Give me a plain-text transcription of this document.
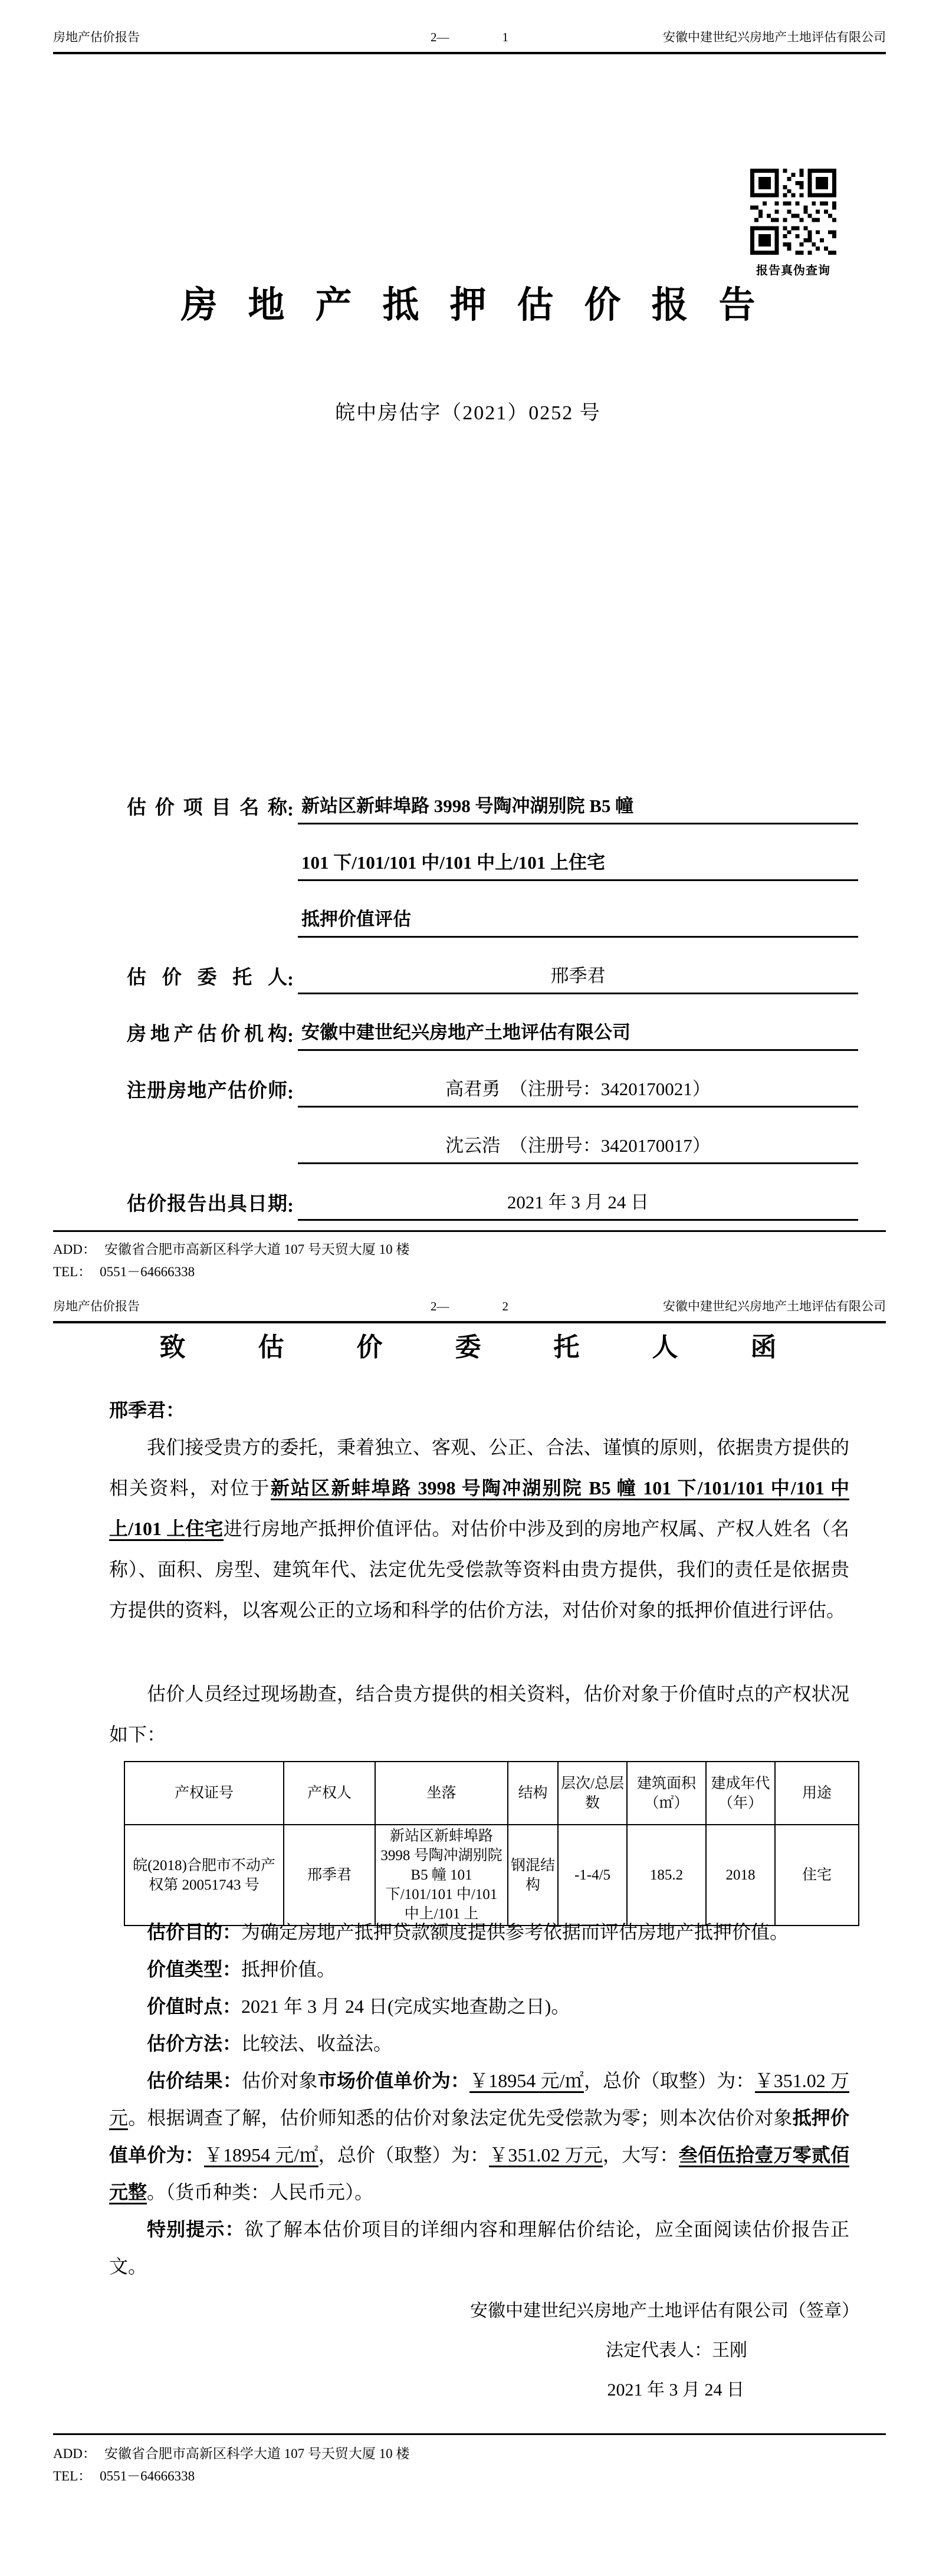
房地产估价报告	2—	1	安徽中建世纪兴房地产土地评估有限公司
报告真伪查询
房地产抵押估价报告
皖中房估字（2021）0252 号
估价项目名称 : 新站区新蚌埠路 3998 号陶冲湖别院 B5 幢
101 下/101/101 中/101 中上/101 上住宅
抵押价值评估
估价委托人 :	邢季君
房地产估价机构 : 安徽中建世纪兴房地产土地评估有限公司
注册房地产估价师 :	高君勇　（注册号：3420170021）
沈云浩　（注册号：3420170017）
估价报告出具日期 :	2021 年 3 月 24 日
ADD： 安徽省合肥市高新区科学大道 107 号天贸大厦 10 楼
TEL： 0551－64666338
房地产估价报告	2—	2	安徽中建世纪兴房地产土地评估有限公司
致 估 价 委 托 人 函
邢季君：
我们接受贵方的委托，秉着独立、客观、公正、合法、谨慎的原则，依据贵方提供的相关资料，对位于新站区新蚌埠路 3998 号陶冲湖别院 B5 幢 101 下/101/101 中/101 中上/101 上住宅进行房地产抵押价值评估。对估价中涉及到的房地产权属、产权人姓名（名称）、面积、房型、建筑年代、法定优先受偿款等资料由贵方提供，我们的责任是依据贵方提供的资料，以客观公正的立场和科学的估价方法，对估价对象的抵押价值进行评估。
估价人员经过现场勘查，结合贵方提供的相关资料，估价对象于价值时点的产权状况如下：
产权证号	产权人	坐落	结构	层次/总层数	建筑面积（㎡）	建成年代（年）	用途
皖(2018)合肥市不动产权第 20051743 号	邢季君	新站区新蚌埠路 3998 号陶冲湖别院 B5 幢 101 下/101/101 中/101 中上/101 上	钢混结构	-1-4/5	185.2	2018	住宅
估价目的：为确定房地产抵押贷款额度提供参考依据而评估房地产抵押价值。
价值类型：抵押价值。
价值时点：2021 年 3 月 24 日(完成实地查勘之日)。
估价方法：比较法、收益法。
估价结果：估价对象市场价值单价为：￥18954 元/㎡，总价（取整）为：￥351.02 万元。根据调查了解，估价师知悉的估价对象法定优先受偿款为零；则本次估价对象抵押价值单价为：￥18954 元/㎡，总价（取整）为：￥351.02 万元，大写：叁佰伍拾壹万零贰佰元整。（货币种类：人民币元）。
特别提示：欲了解本估价项目的详细内容和理解估价结论，应全面阅读估价报告正文。
安徽中建世纪兴房地产土地评估有限公司（签章）
法定代表人：王刚
2021 年 3 月 24 日
ADD： 安徽省合肥市高新区科学大道 107 号天贸大厦 10 楼
TEL： 0551－64666338
